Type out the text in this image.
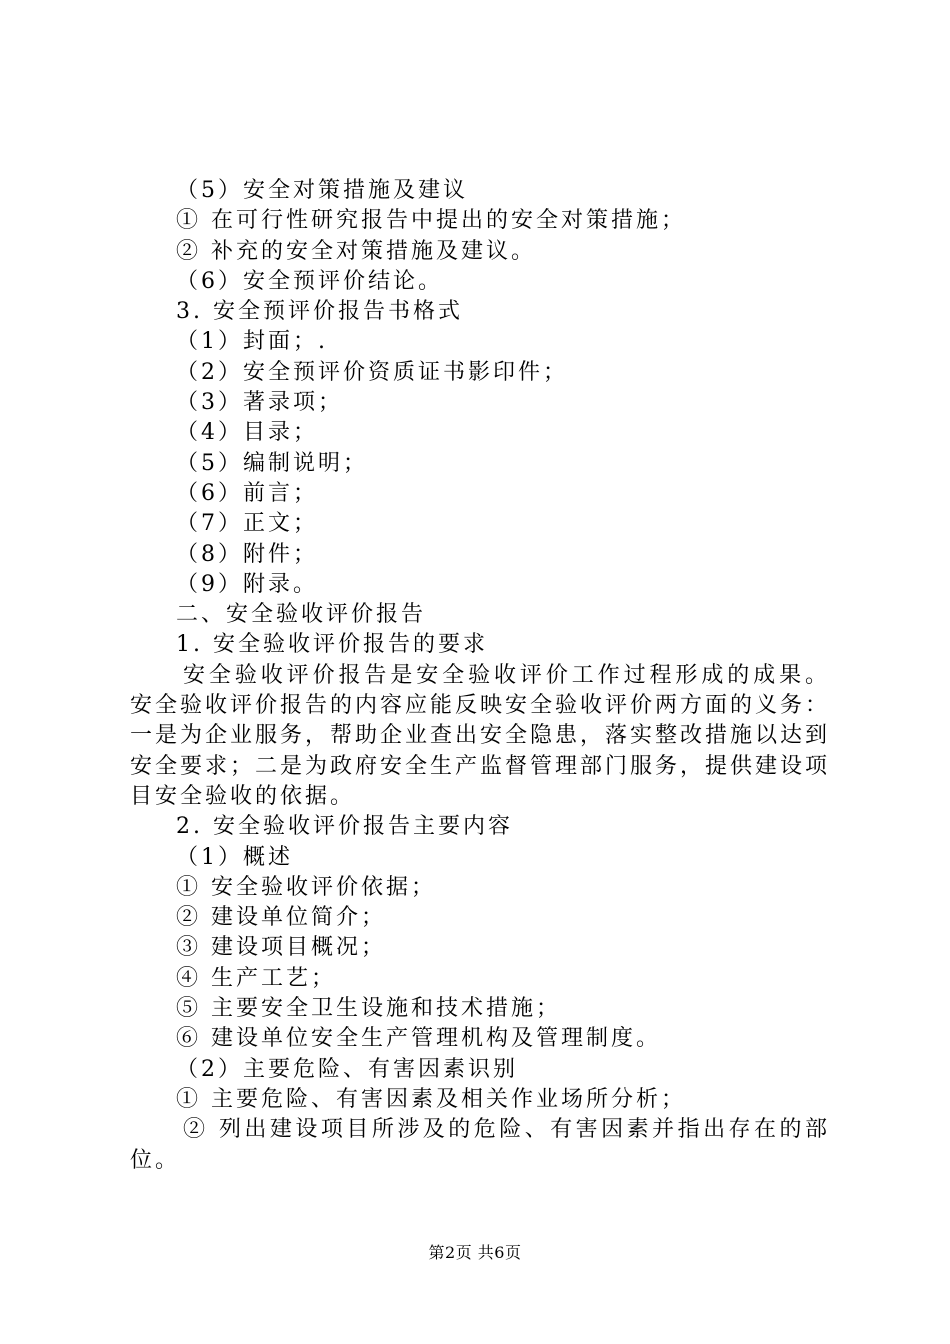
（5）安全对策措施及建议
① 在可行性研究报告中提出的安全对策措施；
② 补充的安全对策措施及建议。
（6）安全预评价结论。
3. 安全预评价报告书格式
（1）封面；.
（2）安全预评价资质证书影印件；
（3）著录项；
（4）目录；
（5）编制说明；
（6）前言；
（7）正文；
（8）附件；
（9）附录。
二、安全验收评价报告
1. 安全验收评价报告的要求

安全验收评价报告是安全验收评价工作过程形成的成果。安全验收评价报告的内容应能反映安全验收评价两方面的义务：一是为企业服务，帮助企业查出安全隐患，落实整改措施以达到安全要求；二是为政府安全生产监督管理部门服务，提供建设项目安全验收的依据。

2. 安全验收评价报告主要内容
（1）概述
① 安全验收评价依据；
② 建设单位简介；
③ 建设项目概况；
④ 生产工艺；
⑤ 主要安全卫生设施和技术措施；
⑥ 建设单位安全生产管理机构及管理制度。
（2）主要危险、有害因素识别
① 主要危险、有害因素及相关作业场所分析；

② 列出建设项目所涉及的危险、有害因素并指出存在的部位。

第2页 共6页
